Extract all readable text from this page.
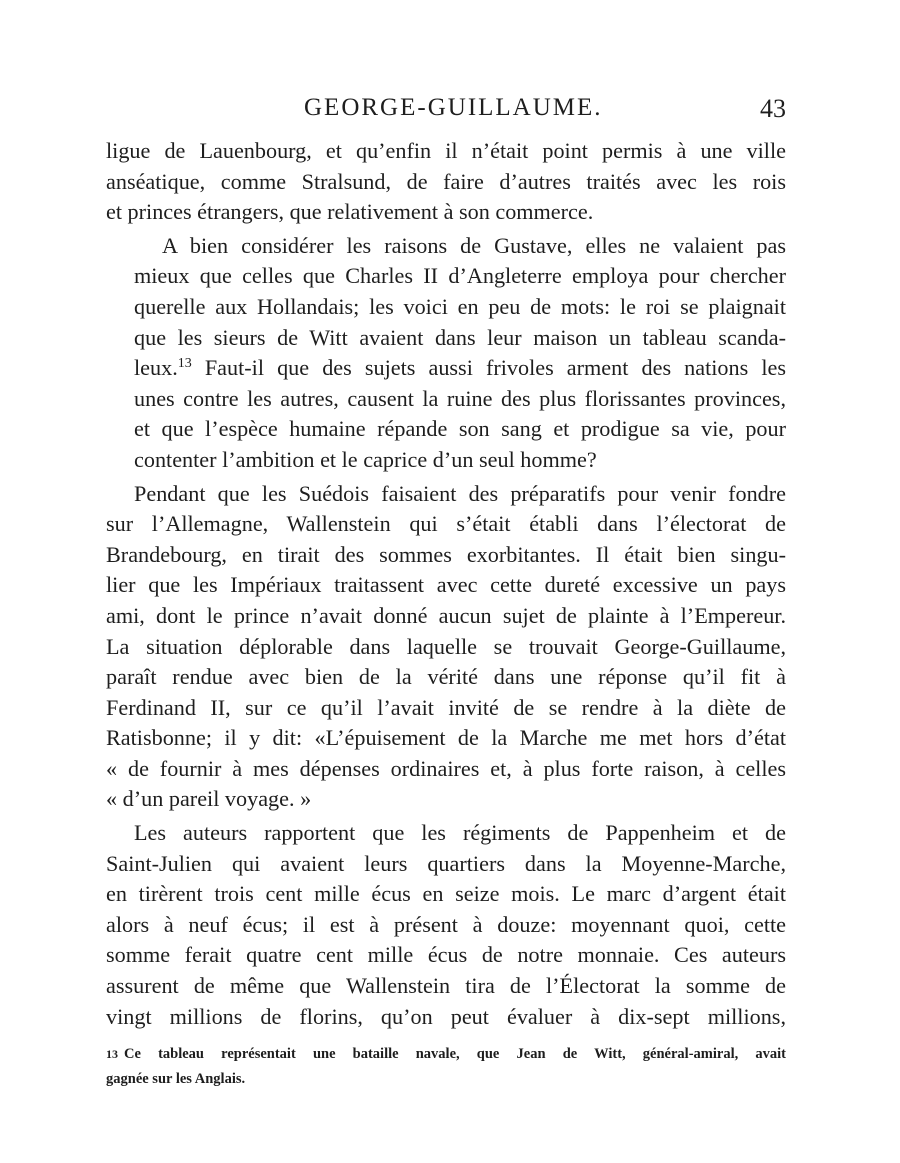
GEORGE-GUILLAUME.	43

ligue de Lauenbourg, et qu’enfin il n’était point permis à une ville
anséatique, comme Stralsund, de faire d’autres traités avec les rois
et princes étrangers, que relativement à son commerce.

A bien considérer les raisons de Gustave, elles ne valaient pas
mieux que celles que Charles II d’Angleterre employa pour chercher
querelle aux Hollandais; les voici en peu de mots: le roi se plaignait
que les sieurs de Witt avaient dans leur maison un tableau scanda-
leux.$^{13}$ Faut-il que des sujets aussi frivoles arment des nations les
unes contre les autres, causent la ruine des plus florissantes provinces,
et que l’espèce humaine répande son sang et prodigue sa vie, pour
contenter l’ambition et le caprice d’un seul homme?

Pendant que les Suédois faisaient des préparatifs pour venir fondre
sur l’Allemagne, Wallenstein qui s’était établi dans l’électorat de
Brandebourg, en tirait des sommes exorbitantes. Il était bien singu-
lier que les Impériaux traitassent avec cette dureté excessive un pays
ami, dont le prince n’avait donné aucun sujet de plainte à l’Empereur.
La situation déplorable dans laquelle se trouvait George-Guillaume,
paraît rendue avec bien de la vérité dans une réponse qu’il fit à
Ferdinand II, sur ce qu’il l’avait invité de se rendre à la diète de
Ratisbonne; il y dit: «L’épuisement de la Marche me met hors d’état
« de fournir à mes dépenses ordinaires et, à plus forte raison, à celles
« d’un pareil voyage. »

Les auteurs rapportent que les régiments de Pappenheim et de
Saint-Julien qui avaient leurs quartiers dans la Moyenne-Marche,
en tirèrent trois cent mille écus en seize mois. Le marc d’argent était
alors à neuf écus; il est à présent à douze: moyennant quoi, cette
somme ferait quatre cent mille écus de notre monnaie. Ces auteurs
assurent de même que Wallenstein tira de l’Électorat la somme de
vingt millions de florins, qu’on peut évaluer à dix-sept millions,

13 Ce tableau représentait une bataille navale, que Jean de Witt, général-amiral, avait
gagnée sur les Anglais.
